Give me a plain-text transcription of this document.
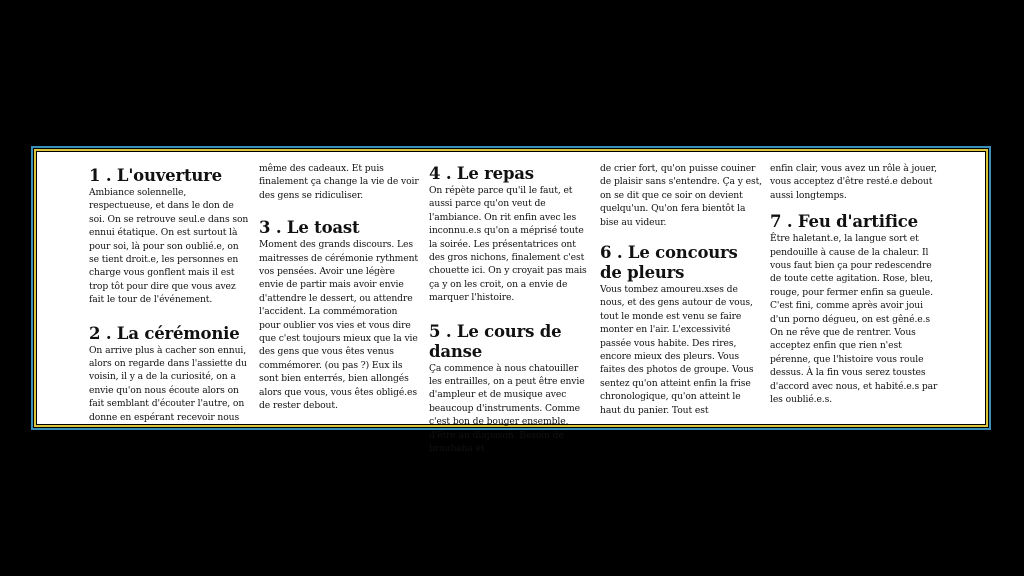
1 . L'ouverture

Ambiance solennelle, respectueuse, et dans le don de soi. On se retrouve seul.e dans son ennui étatique. On est surtout là pour soi, là pour son oublié.e, on se tient droit.e, les personnes en charge vous gonflent mais il est trop tôt pour dire que vous avez fait le tour de l'événement.

2 . La cérémonie

On arrive plus à cacher son ennui, alors on regarde dans l'assiette du voisin, il y a de la curiosité, on a envie qu'on nous écoute alors on fait semblant d'écouter l'autre, on donne en espérant recevoir nous

même des cadeaux. Et puis finalement ça change la vie de voir des gens se ridiculiser.

3 . Le toast

Moment des grands discours. Les maitresses de cérémonie rythment vos pensées. Avoir une légère envie de partir mais avoir envie d'attendre le dessert, ou attendre l'accident. La commémoration pour oublier vos vies et vous dire que c'est toujours mieux que la vie des gens que vous êtes venus commémorer. (ou pas ?) Eux ils sont bien enterrés, bien allongés alors que vous, vous êtes obligé.es de rester debout.

4 . Le repas

On répète parce qu'il le faut, et aussi parce qu'on veut de l'ambiance. On rit enfin avec les inconnu.e.s qu'on a méprisé toute la soirée. Les présentatrices ont des gros nichons, finalement c'est chouette ici. On y croyait pas mais ça y on les croit, on a envie de marquer l'histoire.

5 . Le cours de danse

Ça commence à nous chatouiller les entrailles, on a peut être envie d'ampleur et de musique avec beaucoup d'instruments. Comme c'est bon de bouger ensemble, d'être au diapason. Besoin de brouhaha et

de crier fort, qu'on puisse couiner de plaisir sans s'entendre. Ça y est, on se dit que ce soir on devient quelqu'un. Qu'on fera bientôt la bise au videur.

6 . Le concours de pleurs

Vous tombez amoureu.xses de nous, et des gens autour de vous, tout le monde est venu se faire monter en l'air. L'excessivité passée vous habite. Des rires, encore mieux des pleurs. Vous faites des photos de groupe. Vous sentez qu'on atteint enfin la frise chronologique, qu'on atteint le haut du panier. Tout est

enfin clair, vous avez un rôle à jouer, vous acceptez d'être resté.e debout aussi longtemps.

7 . Feu d'artifice

Être haletant.e, la langue sort et pendouille à cause de la chaleur. Il vous faut bien ça pour redescendre de toute cette agitation. Rose, bleu, rouge, pour fermer enfin sa gueule. C'est fini, comme après avoir joui d'un porno dégueu, on est gêné.e.s On ne rêve que de rentrer. Vous acceptez enfin que rien n'est pérenne, que l'histoire vous roule dessus. À la fin vous serez toustes d'accord avec nous, et habité.e.s par les oublié.e.s.
